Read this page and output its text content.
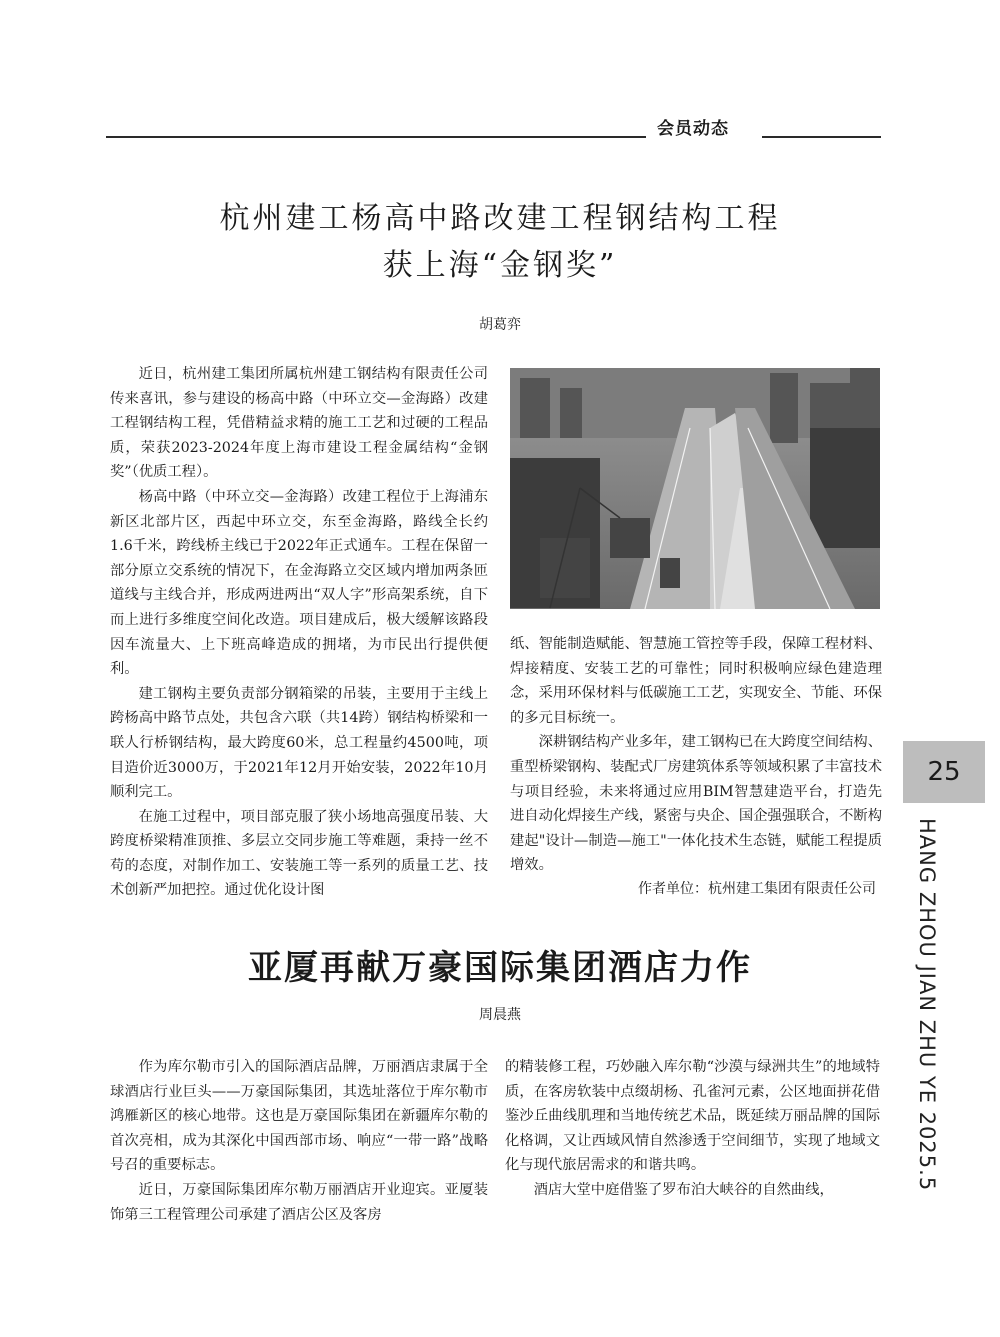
会员动态
杭州建工杨高中路改建工程钢结构工程
获上海“金钢奖”
胡葛弈

近日，杭州建工集团所属杭州建工钢结构有限责任公司传来喜讯，参与建设的杨高中路（中环立交—金海路）改建工程钢结构工程，凭借精益求精的施工工艺和过硬的工程品质，荣获2023-2024年度上海市建设工程金属结构“金钢奖”（优质工程）。

杨高中路（中环立交—金海路）改建工程位于上海浦东新区北部片区，西起中环立交，东至金海路，路线全长约1.6千米，跨线桥主线已于2022年正式通车。工程在保留一部分原立交系统的情况下，在金海路立交区域内增加两条匝道线与主线合并，形成两进两出“双人字”形高架系统，自下而上进行多维度空间化改造。项目建成后，极大缓解该路段因车流量大、上下班高峰造成的拥堵，为市民出行提供便利。

建工钢构主要负责部分钢箱梁的吊装，主要用于主线上跨杨高中路节点处，共包含六联（共14跨）钢结构桥梁和一联人行桥钢结构，最大跨度60米，总工程量约4500吨，项目造价近3000万，于2021年12月开始安装，2022年10月顺利完工。

在施工过程中，项目部克服了狭小场地高强度吊装、大跨度桥梁精准顶推、多层立交同步施工等难题，秉持一丝不苟的态度，对制作加工、安装施工等一系列的质量工艺、技术创新严加把控。通过优化设计图

纸、智能制造赋能、智慧施工管控等手段，保障工程材料、焊接精度、安装工艺的可靠性；同时积极响应绿色建造理念，采用环保材料与低碳施工工艺，实现安全、节能、环保的多元目标统一。

深耕钢结构产业多年，建工钢构已在大跨度空间结构、重型桥梁钢构、装配式厂房建筑体系等领域积累了丰富技术与项目经验，未来将通过应用BIM智慧建造平台，打造先进自动化焊接生产线，紧密与央企、国企强强联合，不断构建起"设计—制造—施工"一体化技术生态链，赋能工程提质增效。

作者单位：杭州建工集团有限责任公司
25
HANG ZHOU JIAN ZHU YE 2025.5
亚厦再献万豪国际集团酒店力作
周晨燕

作为库尔勒市引入的国际酒店品牌，万丽酒店隶属于全球酒店行业巨头——万豪国际集团，其选址落位于库尔勒市鸿雁新区的核心地带。这也是万豪国际集团在新疆库尔勒的首次亮相，成为其深化中国西部市场、响应“一带一路”战略号召的重要标志。

近日，万豪国际集团库尔勒万丽酒店开业迎宾。亚厦装饰第三工程管理公司承建了酒店公区及客房

的精装修工程，巧妙融入库尔勒“沙漠与绿洲共生”的地域特质，在客房软装中点缀胡杨、孔雀河元素，公区地面拼花借鉴沙丘曲线肌理和当地传统艺术品，既延续万丽品牌的国际化格调，又让西域风情自然渗透于空间细节，实现了地域文化与现代旅居需求的和谐共鸣。

酒店大堂中庭借鉴了罗布泊大峡谷的自然曲线，
